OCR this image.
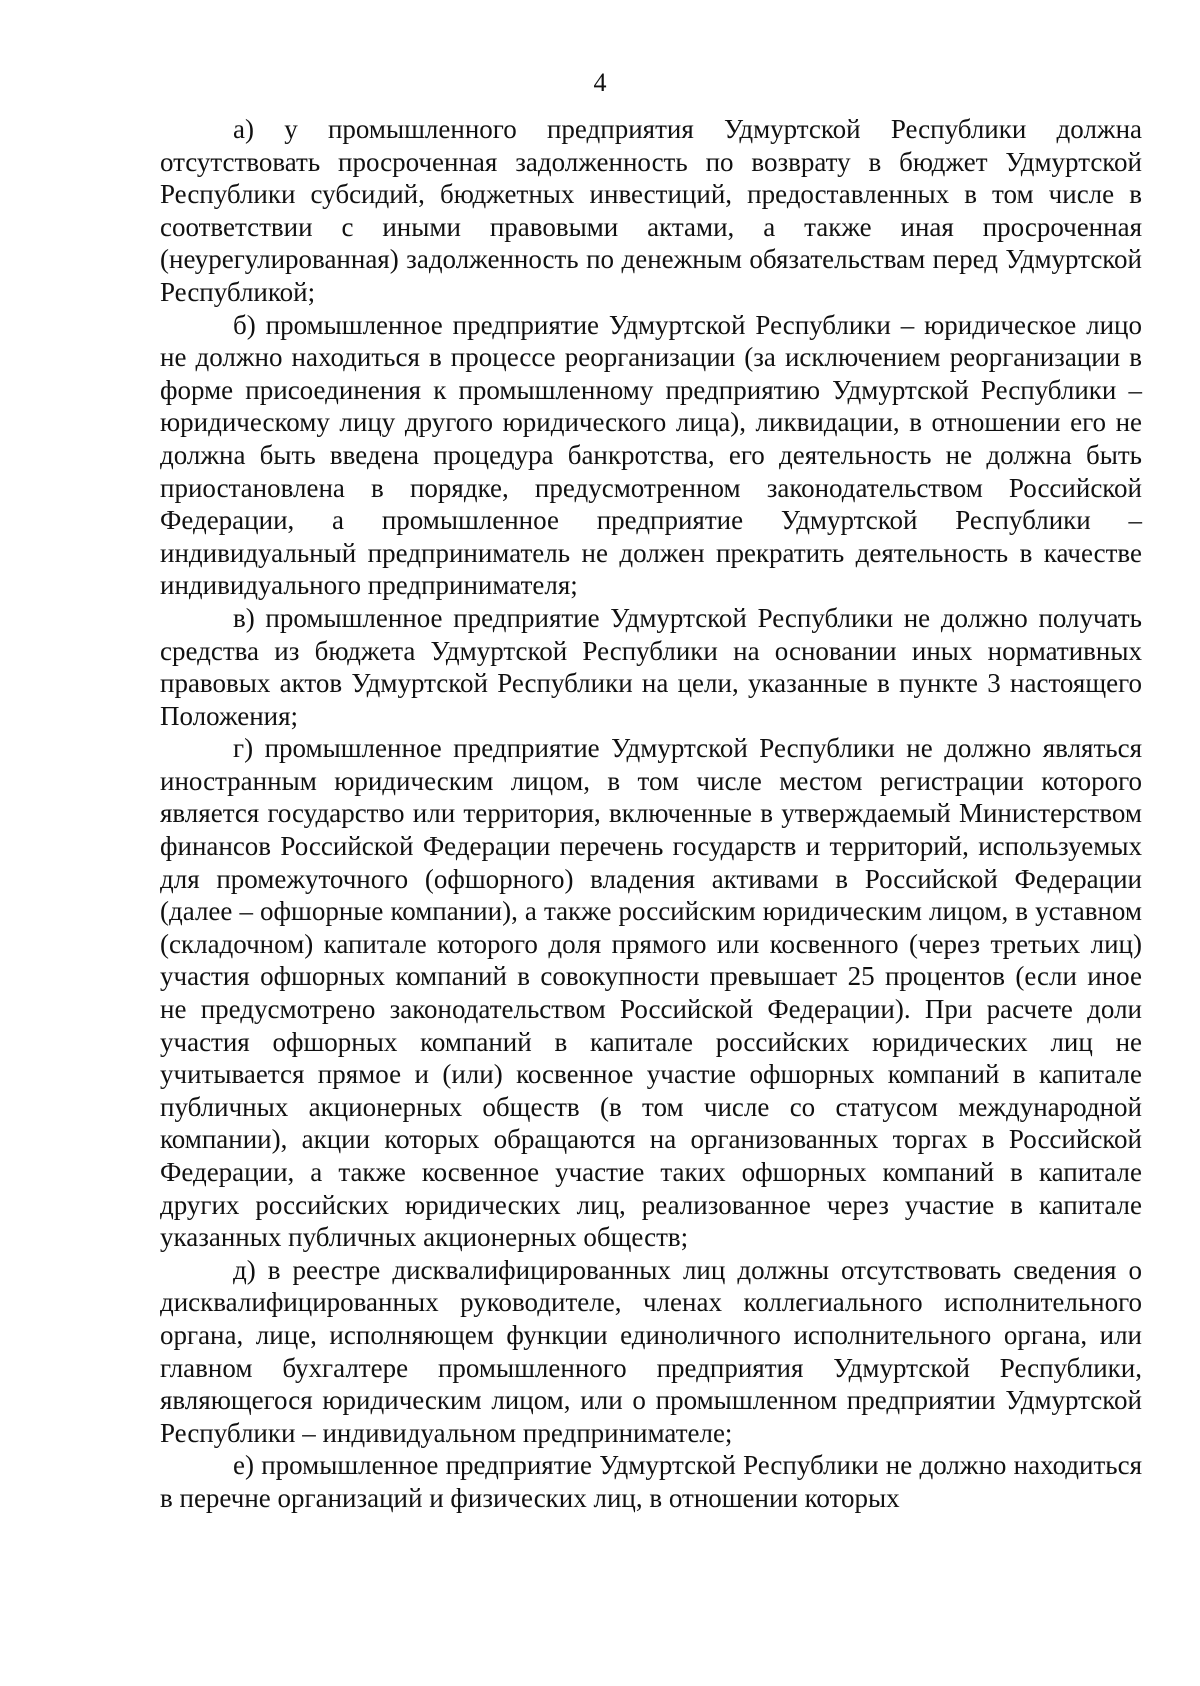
4

а) у промышленного предприятия Удмуртской Республики должна отсутствовать просроченная задолженность по возврату в бюджет Удмуртской Республики субсидий, бюджетных инвестиций, предоставленных в том числе в соответствии с иными правовыми актами, а также иная просроченная (неурегулированная) задолженность по денежным обязательствам перед Удмуртской Республикой;

б) промышленное предприятие Удмуртской Республики – юридическое лицо не должно находиться в процессе реорганизации (за исключением реорганизации в форме присоединения к промышленному предприятию Удмуртской Республики – юридическому лицу другого юридического лица), ликвидации, в отношении его не должна быть введена процедура банкротства, его деятельность не должна быть приостановлена в порядке, предусмотренном законодательством Российской Федерации, а промышленное предприятие Удмуртской Республики – индивидуальный предприниматель не должен прекратить деятельность в качестве индивидуального предпринимателя;

в) промышленное предприятие Удмуртской Республики не должно получать средства из бюджета Удмуртской Республики на основании иных нормативных правовых актов Удмуртской Республики на цели, указанные в пункте 3 настоящего Положения;

г) промышленное предприятие Удмуртской Республики не должно являться иностранным юридическим лицом, в том числе местом регистрации которого является государство или территория, включенные в утверждаемый Министерством финансов Российской Федерации перечень государств и территорий, используемых для промежуточного (офшорного) владения активами в Российской Федерации (далее – офшорные компании), а также российским юридическим лицом, в уставном (складочном) капитале которого доля прямого или косвенного (через третьих лиц) участия офшорных компаний в совокупности превышает 25 процентов (если иное не предусмотрено законодательством Российской Федерации). При расчете доли участия офшорных компаний в капитале российских юридических лиц не учитывается прямое и (или) косвенное участие офшорных компаний в капитале публичных акционерных обществ (в том числе со статусом международной компании), акции которых обращаются на организованных торгах в Российской Федерации, а также косвенное участие таких офшорных компаний в капитале других российских юридических лиц, реализованное через участие в капитале указанных публичных акционерных обществ;

д) в реестре дисквалифицированных лиц должны отсутствовать сведения о дисквалифицированных руководителе, членах коллегиального исполнительного органа, лице, исполняющем функции единоличного исполнительного органа, или главном бухгалтере промышленного предприятия Удмуртской Республики, являющегося юридическим лицом, или о промышленном предприятии Удмуртской Республики – индивидуальном предпринимателе;

е) промышленное предприятие Удмуртской Республики не должно находиться в перечне организаций и физических лиц, в отношении которых
